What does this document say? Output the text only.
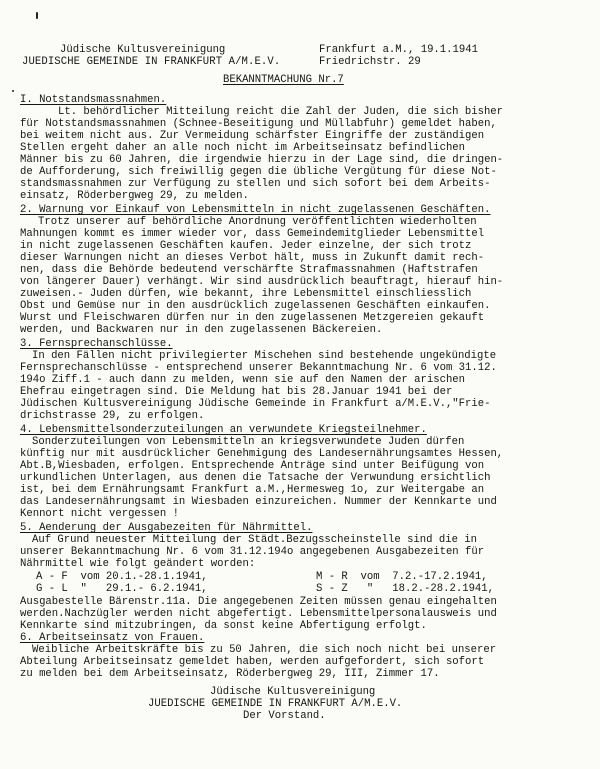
Jüdische Kultusvereinigung	Frankfurt a.M., 19.1.1941
JUEDISCHE GEMEINDE IN FRANKFURT A/M.E.V.	Friedrichstr. 29
BEKANNTMACHUNG Nr.7
I. Notstandsmassnahmen.
Lt. behördlicher Mitteilung reicht die Zahl der Juden, die sich bisher
für Notstandsmassnahmen (Schnee-Beseitigung und Müllabfuhr) gemeldet haben,
bei weitem nicht aus. Zur Vermeidung schärfster Eingriffe der zuständigen
Stellen ergeht daher an alle noch nicht im Arbeitseinsatz befindlichen
Männer bis zu 60 Jahren, die irgendwie hierzu in der Lage sind, die dringen-
de Aufforderung, sich freiwillig gegen die übliche Vergütung für diese Not-
standsmassnahmen zur Verfügung zu stellen und sich sofort bei dem Arbeits-
einsatz, Röderbergweg 29, zu melden.
2. Warnung vor Einkauf von Lebensmitteln in nicht zugelassenen Geschäften.
Trotz unserer auf behördliche Anordnung veröffentlichten wiederholten
Mahnungen kommt es immer wieder vor, dass Gemeindemitglieder Lebensmittel
in nicht zugelassenen Geschäften kaufen. Jeder einzelne, der sich trotz
dieser Warnungen nicht an dieses Verbot hält, muss in Zukunft damit rech-
nen, dass die Behörde bedeutend verschärfte Strafmassnahmen (Haftstrafen
von längerer Dauer) verhängt. Wir sind ausdrücklich beauftragt, hierauf hin-
zuweisen.- Juden dürfen, wie bekannt, ihre Lebensmittel einschliesslich
Obst und Gemüse nur in den ausdrücklich zugelassenen Geschäften einkaufen.
Wurst und Fleischwaren dürfen nur in den zugelassenen Metzgereien gekauft
werden, und Backwaren nur in den zugelassenen Bäckereien.
3. Fernsprechanschlüsse.
In den Fällen nicht privilegierter Mischehen sind bestehende ungekündigte
Fernsprechanschlüsse - entsprechend unserer Bekanntmachung Nr. 6 vom 31.12.
194o Ziff.1 - auch dann zu melden, wenn sie auf den Namen der arischen
Ehefrau eingetragen sind. Die Meldung hat bis 28.Januar 1941 bei der
Jüdischen Kultusvereinigung Jüdische Gemeinde in Frankfurt a/M.E.V.,"Frie-
drichstrasse 29, zu erfolgen.
4. Lebensmittelsonderzuteilungen an verwundete Kriegsteilnehmer.
Sonderzuteilungen von Lebensmitteln an kriegsverwundete Juden dürfen
künftig nur mit ausdrücklicher Genehmigung des Landesernährungsamtes Hessen,
Abt.B,Wiesbaden, erfolgen. Entsprechende Anträge sind unter Beifügung von
urkundlichen Unterlagen, aus denen die Tatsache der Verwundung ersichtlich
ist, bei dem Ernährungsamt Frankfurt a.M.,Hermesweg 1o, zur Weitergabe an
das Landesernährungsamt in Wiesbaden einzureichen. Nummer der Kennkarte und
Kennort nicht vergessen !
5. Aenderung der Ausgabezeiten für Nährmittel.
Auf Grund neuester Mitteilung der Städt.Bezugsscheinstelle sind die in
unserer Bekanntmachung Nr. 6 vom 31.12.194o angegebenen Ausgabezeiten für
Nährmittel wie folgt geändert worden:
A - F  vom 20.1.-28.1.1941,	M - R  vom  7.2.-17.2.1941,
G - L  "   29.1.- 6.2.1941,	S - Z   "   18.2.-28.2.1941,
Ausgabestelle Bärenstr.11a. Die angegebenen Zeiten müssen genau eingehalten
werden.Nachzügler werden nicht abgefertigt. Lebensmittelpersonalausweis und
Kennkarte sind mitzubringen, da sonst keine Abfertigung erfolgt.
6. Arbeitseinsatz von Frauen.
Weibliche Arbeitskräfte bis zu 50 Jahren, die sich noch nicht bei unserer
Abteilung Arbeitseinsatz gemeldet haben, werden aufgefordert, sich sofort
zu melden bei dem Arbeitseinsatz, Röderbergweg 29, III, Zimmer 17.
Jüdische Kultusvereinigung
JUEDISCHE GEMEINDE IN FRANKFURT A/M.E.V.
Der Vorstand.
